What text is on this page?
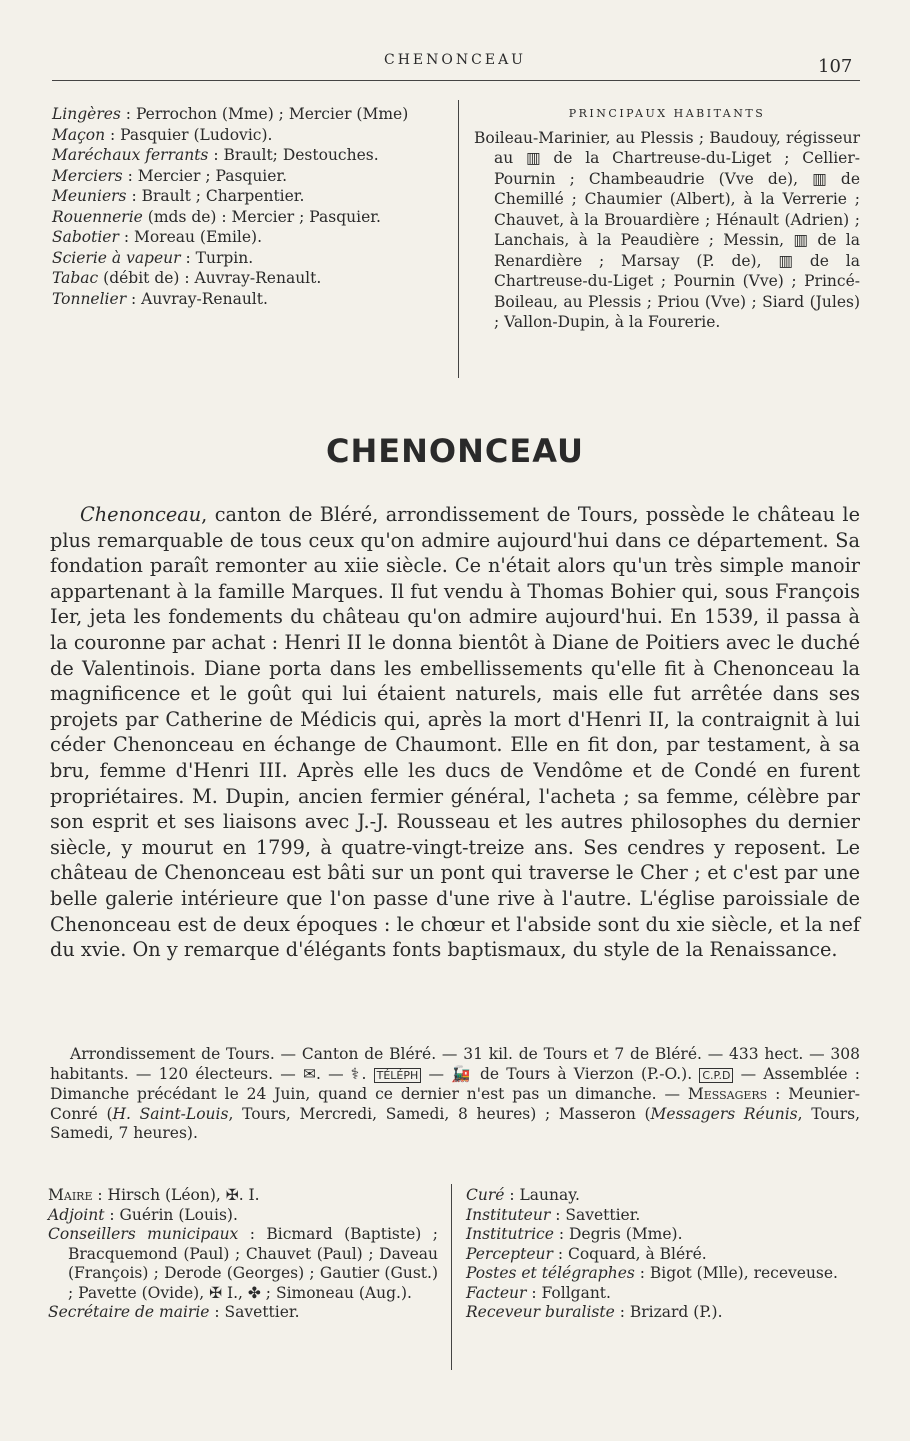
CHENONCEAU	107
Lingères : Perrochon (Mme) ; Mercier (Mme)
Maçon : Pasquier (Ludovic).
Maréchaux ferrants : Brault; Destouches.
Merciers : Mercier ; Pasquier.
Meuniers : Brault ; Charpentier.
Rouennerie (mds de) : Mercier ; Pasquier.
Sabotier : Moreau (Emile).
Scierie à vapeur : Turpin.
Tabac (débit de) : Auvray-Renault.
Tonnelier : Auvray-Renault.
PRINCIPAUX HABITANTS
Boileau-Marinier, au Plessis ; Baudouy, régisseur au ▥ de la Chartreuse-du-Liget ; Cellier-Pournin ; Chambeaudrie (Vve de), ▥ de Chemillé ; Chaumier (Albert), à la Verrerie ; Chauvet, à la Brouardière ; Hénault (Adrien) ; Lanchais, à la Peaudière ; Messin, ▥ de la Renardière ; Marsay (P. de), ▥ de la Chartreuse-du-Liget ; Pournin (Vve) ; Princé-Boileau, au Plessis ; Priou (Vve) ; Siard (Jules) ; Vallon-Dupin, à la Fourerie.
CHENONCEAU
Chenonceau, canton de Bléré, arrondissement de Tours, possède le château le plus remarquable de tous ceux qu'on admire aujourd'hui dans ce département. Sa fondation paraît remonter au xiie siècle. Ce n'était alors qu'un très simple manoir appartenant à la famille Marques. Il fut vendu à Thomas Bohier qui, sous François Ier, jeta les fondements du château qu'on admire aujourd'hui. En 1539, il passa à la couronne par achat : Henri II le donna bientôt à Diane de Poitiers avec le duché de Valentinois. Diane porta dans les embellissements qu'elle fit à Chenonceau la magnificence et le goût qui lui étaient naturels, mais elle fut arrêtée dans ses projets par Catherine de Médicis qui, après la mort d'Henri II, la contraignit à lui céder Chenonceau en échange de Chaumont. Elle en fit don, par testament, à sa bru, femme d'Henri III. Après elle les ducs de Vendôme et de Condé en furent propriétaires. M. Dupin, ancien fermier général, l'acheta ; sa femme, célèbre par son esprit et ses liaisons avec J.-J. Rousseau et les autres philosophes du dernier siècle, y mourut en 1799, à quatre-vingt-treize ans. Ses cendres y reposent. Le château de Chenonceau est bâti sur un pont qui traverse le Cher ; et c'est par une belle galerie intérieure que l'on passe d'une rive à l'autre. L'église paroissiale de Chenonceau est de deux époques : le chœur et l'abside sont du xie siècle, et la nef du xvie. On y remarque d'élégants fonts baptismaux, du style de la Renaissance.
Arrondissement de Tours. — Canton de Bléré. — 31 kil. de Tours et 7 de Bléré. — 433 hect. — 308 habitants. — 120 électeurs. — ✉. — ⚕. TÉLÉPH — 🚂 de Tours à Vierzon (P.-O.). C.P.D — Assemblée : Dimanche précédant le 24 Juin, quand ce dernier n'est pas un dimanche. — Messagers : Meunier-Conré (H. Saint-Louis, Tours, Mercredi, Samedi, 8 heures) ; Masseron (Messagers Réunis, Tours, Samedi, 7 heures).
Maire : Hirsch (Léon), ✠. I.
Adjoint : Guérin (Louis).
Conseillers municipaux : Bicmard (Baptiste) ; Bracquemond (Paul) ; Chauvet (Paul) ; Daveau (François) ; Derode (Georges) ; Gautier (Gust.) ; Pavette (Ovide), ✠ I., ✤ ; Simoneau (Aug.).
Secrétaire de mairie : Savettier.
Curé : Launay.
Instituteur : Savettier.
Institutrice : Degris (Mme).
Percepteur : Coquard, à Bléré.
Postes et télégraphes : Bigot (Mlle), receveuse.
Facteur : Follgant.
Receveur buraliste : Brizard (P.).
